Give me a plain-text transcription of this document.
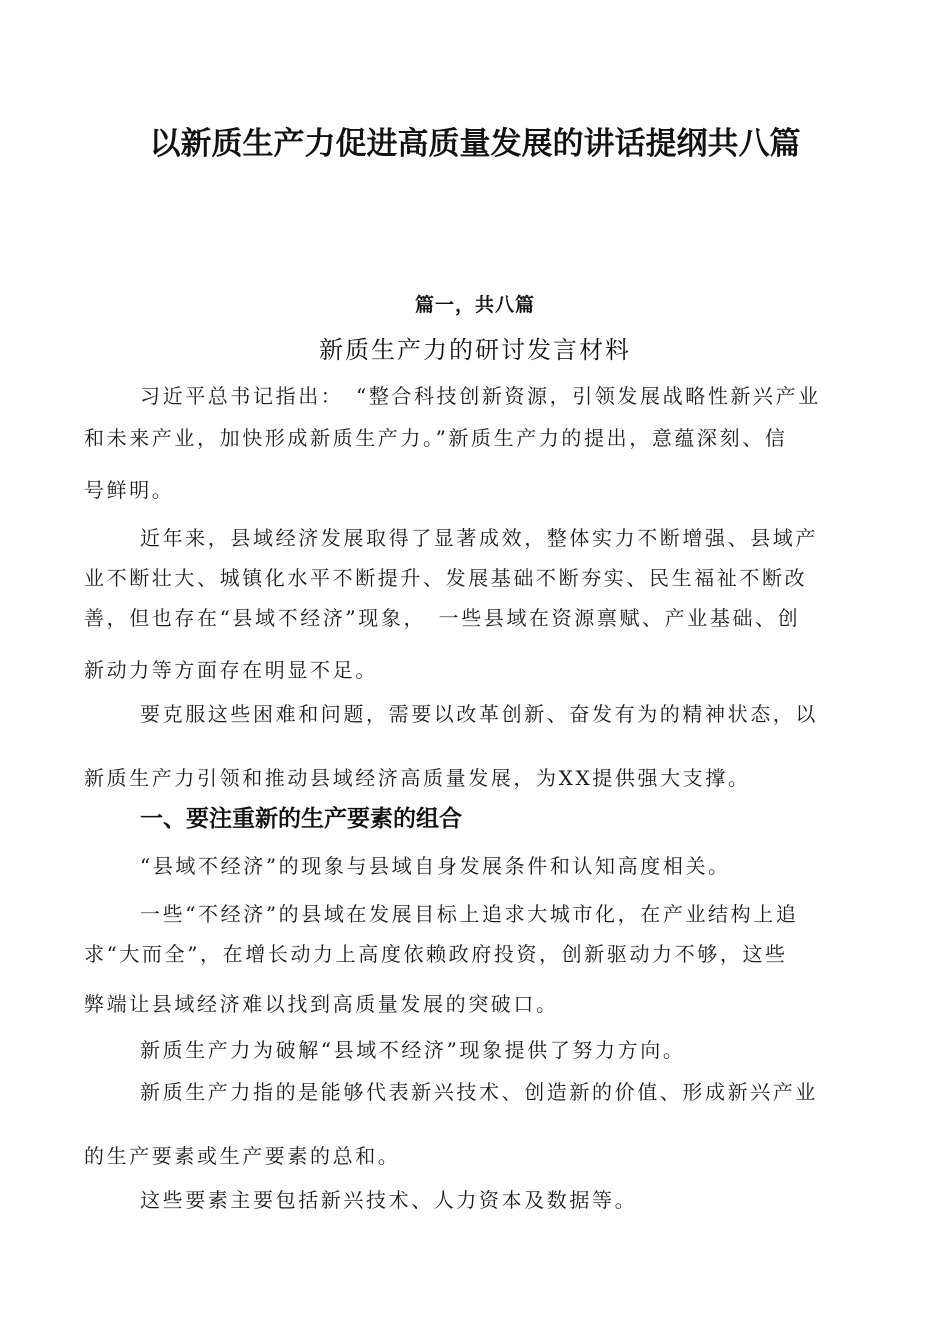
以新质生产力促进高质量发展的讲话提纲共八篇
篇一，共八篇
新质生产力的研讨发言材料
习近平总书记指出：　“整合科技创新资源，引领发展战略性新兴产业
和未来产业，加快形成新质生产力。”新质生产力的提出，意蕴深刻、信
号鲜明。
近年来，县域经济发展取得了显著成效，整体实力不断增强、县域产
业不断壮大、城镇化水平不断提升、发展基础不断夯实、民生福祉不断改
善，但也存在“县域不经济”现象，　一些县域在资源禀赋、产业基础、创
新动力等方面存在明显不足。
要克服这些困难和问题，需要以改革创新、奋发有为的精神状态，以
新质生产力引领和推动县域经济高质量发展，为XX提供强大支撑。
一、要注重新的生产要素的组合
“县域不经济”的现象与县域自身发展条件和认知高度相关。
一些“不经济”的县域在发展目标上追求大城市化，在产业结构上追
求“大而全”，在增长动力上高度依赖政府投资，创新驱动力不够，这些
弊端让县域经济难以找到高质量发展的突破口。
新质生产力为破解“县域不经济”现象提供了努力方向。
新质生产力指的是能够代表新兴技术、创造新的价值、形成新兴产业
的生产要素或生产要素的总和。
这些要素主要包括新兴技术、人力资本及数据等。
